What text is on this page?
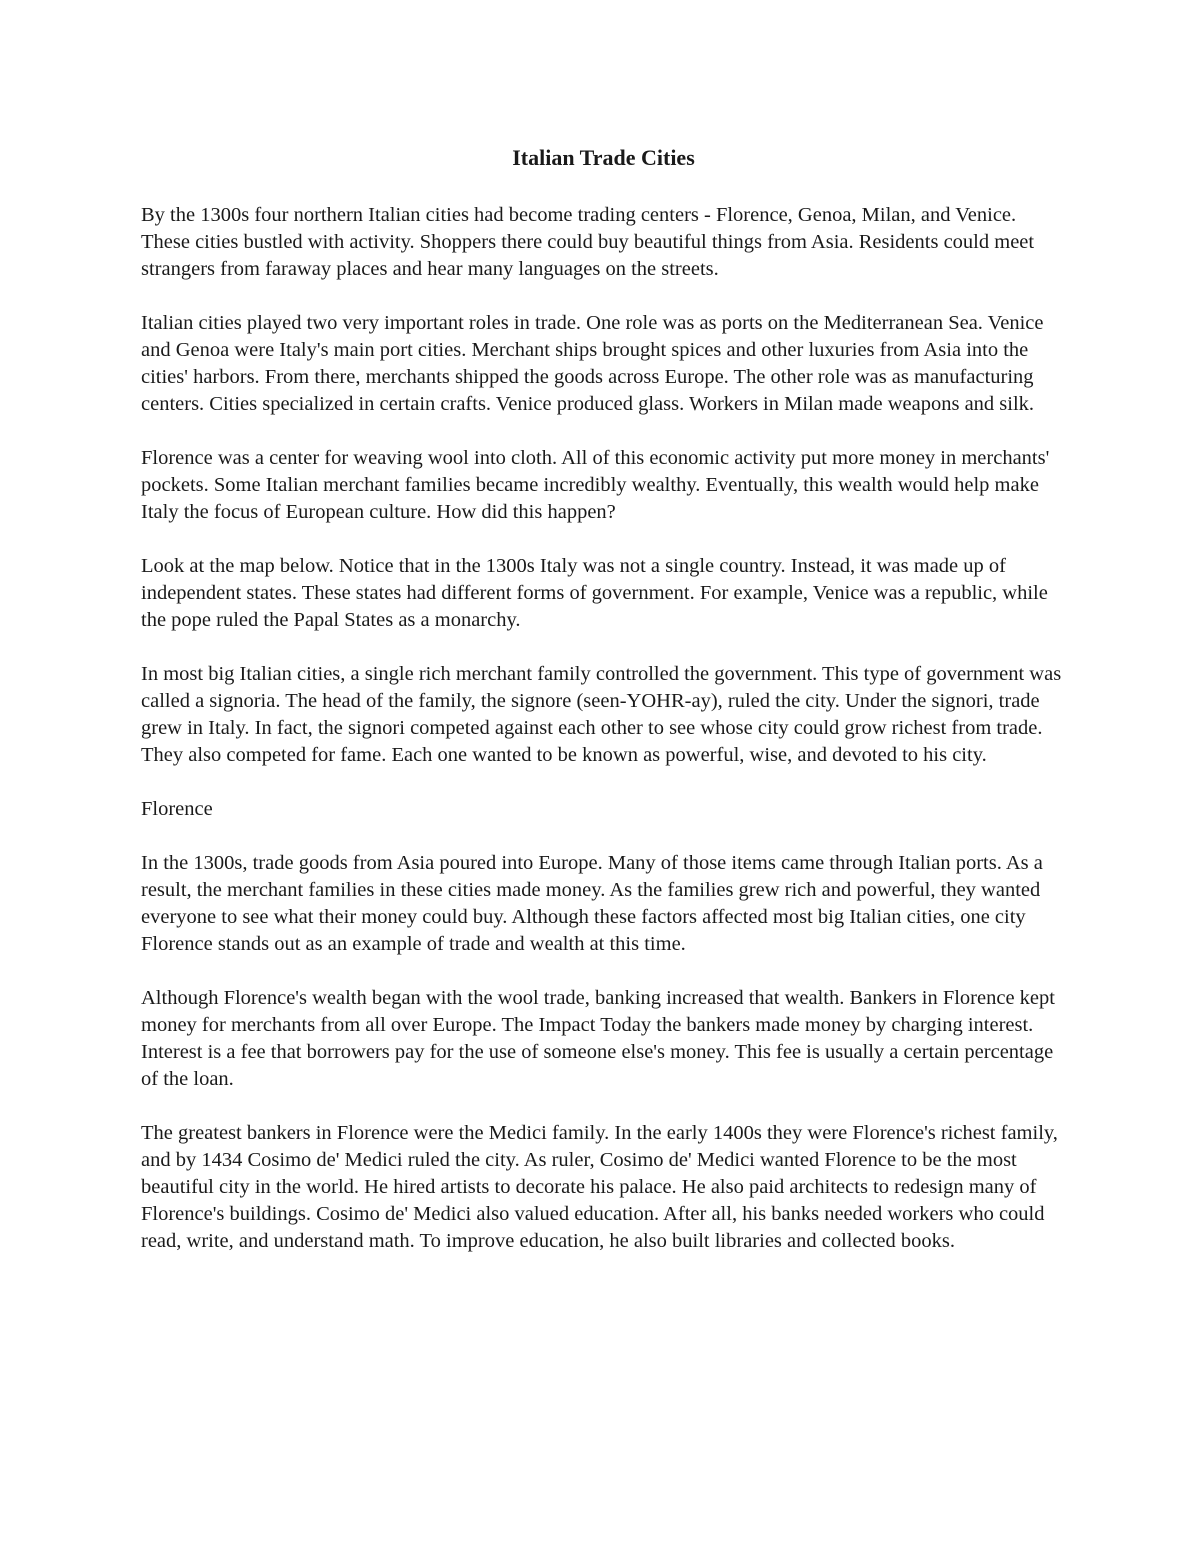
Italian Trade Cities

By the 1300s four northern Italian cities had become trading centers - Florence, Genoa, Milan, and Venice. These cities bustled with activity. Shoppers there could buy beautiful things from Asia. Residents could meet strangers from faraway places and hear many languages on the streets.

Italian cities played two very important roles in trade. One role was as ports on the Mediterranean Sea. Venice and Genoa were Italy's main port cities. Merchant ships brought spices and other luxuries from Asia into the cities' harbors. From there, merchants shipped the goods across Europe. The other role was as manufacturing centers. Cities specialized in certain crafts. Venice produced glass. Workers in Milan made weapons and silk.

Florence was a center for weaving wool into cloth. All of this economic activity put more money in merchants' pockets. Some Italian merchant families became incredibly wealthy. Eventually, this wealth would help make Italy the focus of European culture. How did this happen?

Look at the map below. Notice that in the 1300s Italy was not a single country. Instead, it was made up of independent states. These states had different forms of government. For example, Venice was a republic, while the pope ruled the Papal States as a monarchy.

In most big Italian cities, a single rich merchant family controlled the government. This type of government was called a signoria. The head of the family, the signore (seen-YOHR-ay), ruled the city. Under the signori, trade grew in Italy. In fact, the signori competed against each other to see whose city could grow richest from trade. They also competed for fame. Each one wanted to be known as powerful, wise, and devoted to his city.

Florence

In the 1300s, trade goods from Asia poured into Europe. Many of those items came through Italian ports. As a result, the merchant families in these cities made money. As the families grew rich and powerful, they wanted everyone to see what their money could buy. Although these factors affected most big Italian cities, one city Florence stands out as an example of trade and wealth at this time.

Although Florence's wealth began with the wool trade, banking increased that wealth. Bankers in Florence kept money for merchants from all over Europe. The Impact Today the bankers made money by charging interest. Interest is a fee that borrowers pay for the use of someone else's money. This fee is usually a certain percentage of the loan.

The greatest bankers in Florence were the Medici family. In the early 1400s they were Florence's richest family, and by 1434 Cosimo de' Medici ruled the city. As ruler, Cosimo de' Medici wanted Florence to be the most beautiful city in the world. He hired artists to decorate his palace. He also paid architects to redesign many of Florence's buildings. Cosimo de' Medici also valued education. After all, his banks needed workers who could read, write, and understand math. To improve education, he also built libraries and collected books.
